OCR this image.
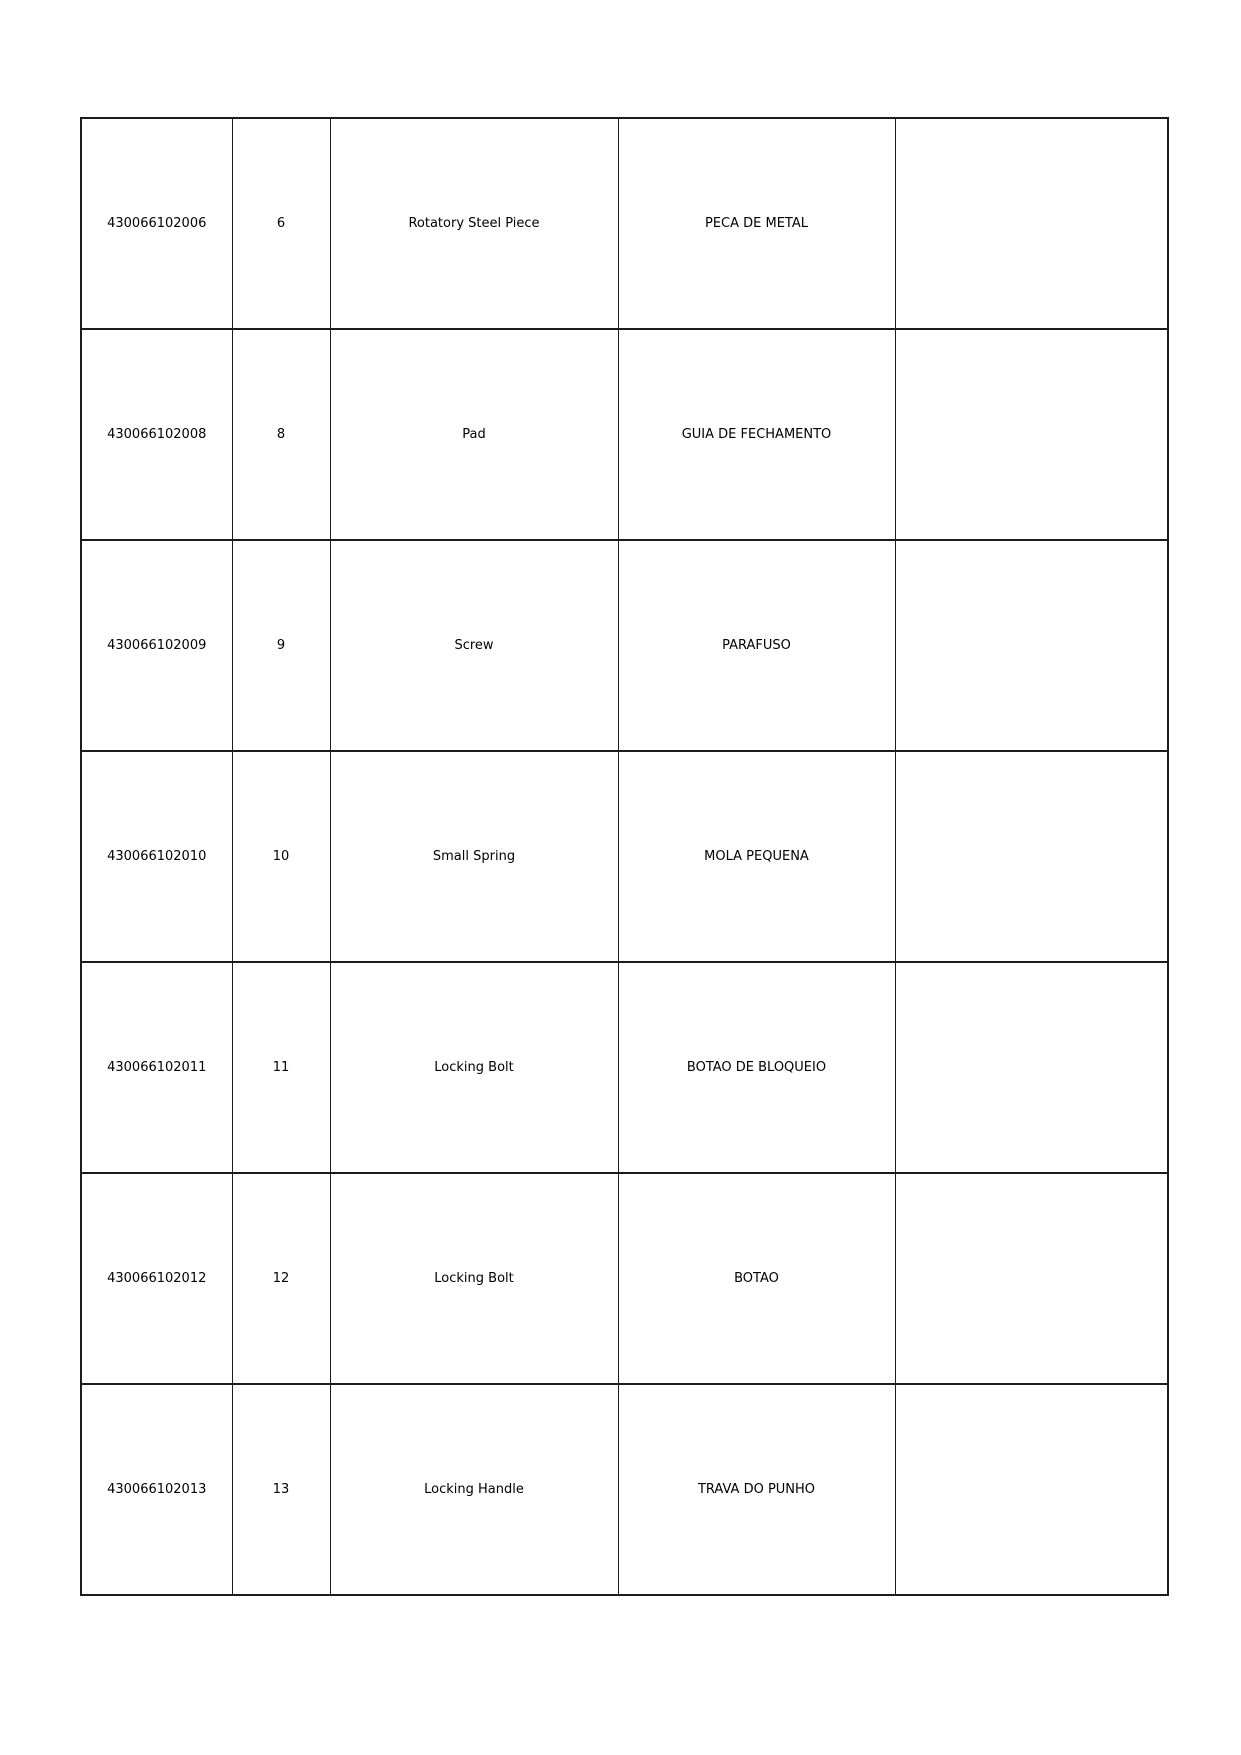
430066102006	6	Rotatory Steel Piece	PECA DE METAL	
430066102008	8	Pad	GUIA DE FECHAMENTO	
430066102009	9	Screw	PARAFUSO	
430066102010	10	Small Spring	MOLA PEQUENA	
430066102011	11	Locking Bolt	BOTAO DE BLOQUEIO	
430066102012	12	Locking Bolt	BOTAO	
430066102013	13	Locking Handle	TRAVA DO PUNHO	
